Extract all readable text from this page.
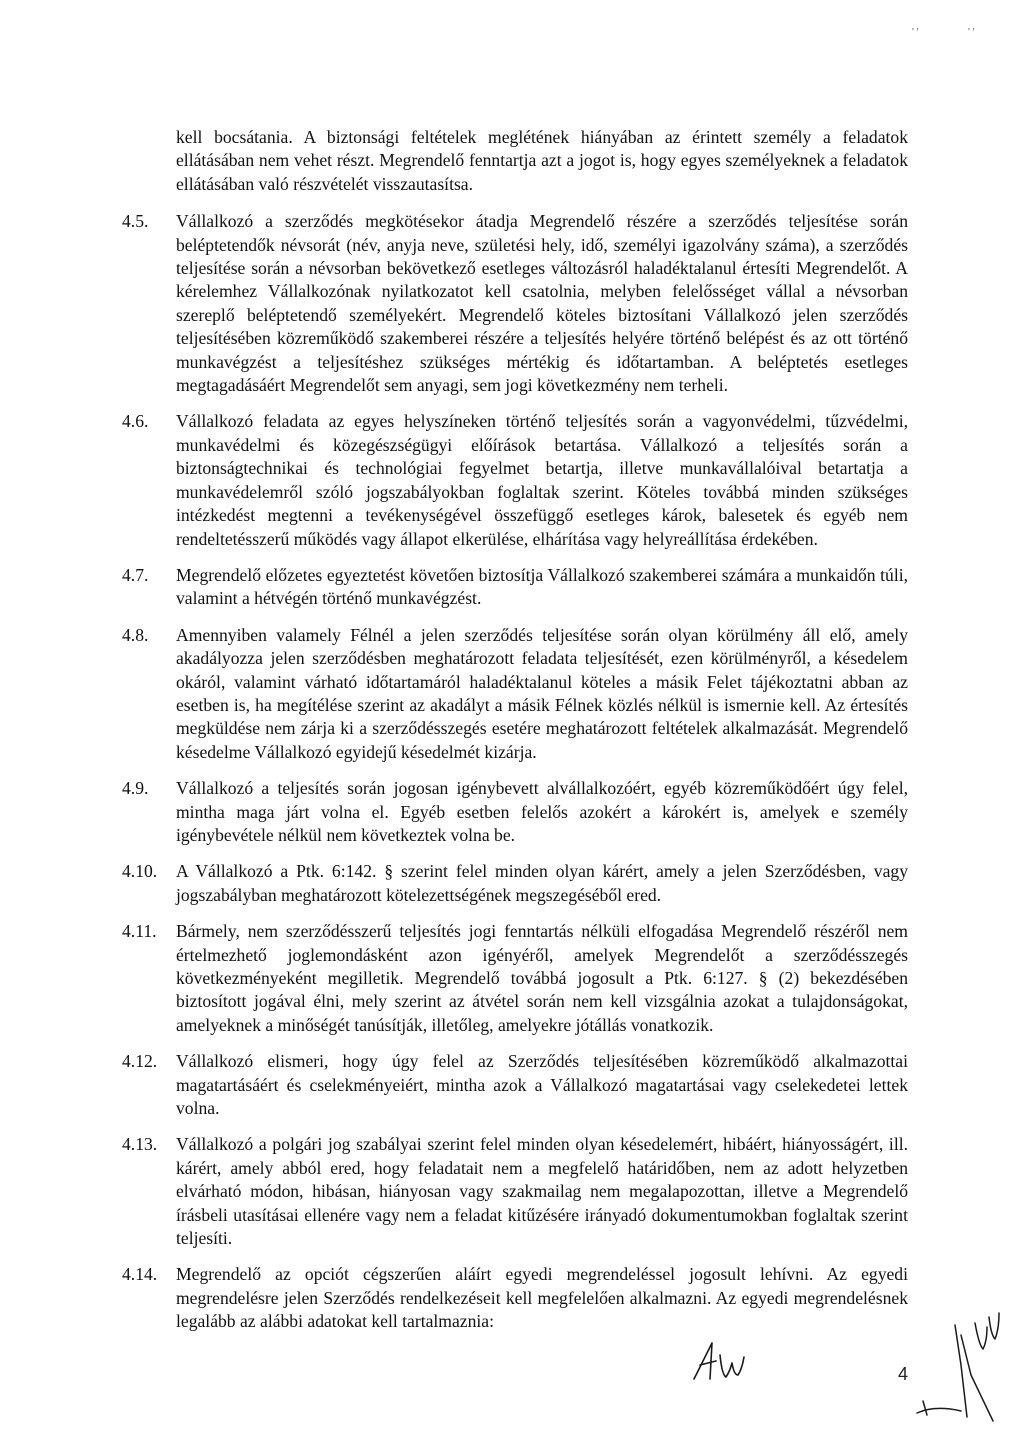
' '	' '

kell bocsátania. A biztonsági feltételek meglétének hiányában az érintett személy a feladatok ellátásában nem vehet részt. Megrendelő fenntartja azt a jogot is, hogy egyes személyeknek a feladatok ellátásában való részvételét visszautasítsa.

4.5.	Vállalkozó a szerződés megkötésekor átadja Megrendelő részére a szerződés teljesítése során beléptetendők névsorát (név, anyja neve, születési hely, idő, személyi igazolvány száma), a szerződés teljesítése során a névsorban bekövetkező esetleges változásról haladéktalanul értesíti Megrendelőt. A kérelemhez Vállalkozónak nyilatkozatot kell csatolnia, melyben felelősséget vállal a névsorban szereplő beléptetendő személyekért. Megrendelő köteles biztosítani Vállalkozó jelen szerződés teljesítésében közreműködő szakemberei részére a teljesítés helyére történő belépést és az ott történő munkavégzést a teljesítéshez szükséges mértékig és időtartamban. A beléptetés esetleges megtagadásáért Megrendelőt sem anyagi, sem jogi következmény nem terheli.
4.6.	Vállalkozó feladata az egyes helyszíneken történő teljesítés során a vagyonvédelmi, tűzvédelmi, munkavédelmi és közegészségügyi előírások betartása. Vállalkozó a teljesítés során a biztonságtechnikai és technológiai fegyelmet betartja, illetve munkavállalóival betartatja a munkavédelemről szóló jogszabályokban foglaltak szerint. Köteles továbbá minden szükséges intézkedést megtenni a tevékenységével összefüggő esetleges károk, balesetek és egyéb nem rendeltetésszerű működés vagy állapot elkerülése, elhárítása vagy helyreállítása érdekében.
4.7.	Megrendelő előzetes egyeztetést követően biztosítja Vállalkozó szakemberei számára a munkaidőn túli, valamint a hétvégén történő munkavégzést.
4.8.	Amennyiben valamely Félnél a jelen szerződés teljesítése során olyan körülmény áll elő, amely akadályozza jelen szerződésben meghatározott feladata teljesítését, ezen körülményről, a késedelem okáról, valamint várható időtartamáról haladéktalanul köteles a másik Felet tájékoztatni abban az esetben is, ha megítélése szerint az akadályt a másik Félnek közlés nélkül is ismernie kell. Az értesítés megküldése nem zárja ki a szerződésszegés esetére meghatározott feltételek alkalmazását. Megrendelő késedelme Vállalkozó egyidejű késedelmét kizárja.
4.9.	Vállalkozó a teljesítés során jogosan igénybevett alvállalkozóért, egyéb közreműködőért úgy felel, mintha maga járt volna el. Egyéb esetben felelős azokért a károkért is, amelyek e személy igénybevétele nélkül nem következtek volna be.
4.10.	A Vállalkozó a Ptk. 6:142. § szerint felel minden olyan kárért, amely a jelen Szerződésben, vagy jogszabályban meghatározott kötelezettségének megszegéséből ered.
4.11.	Bármely, nem szerződésszerű teljesítés jogi fenntartás nélküli elfogadása Megrendelő részéről nem értelmezhető joglemondásként azon igényéről, amelyek Megrendelőt a szerződésszegés következményeként megilletik. Megrendelő továbbá jogosult a Ptk. 6:127. § (2) bekezdésében biztosított jogával élni, mely szerint az átvétel során nem kell vizsgálnia azokat a tulajdonságokat, amelyeknek a minőségét tanúsítják, illetőleg, amelyekre jótállás vonatkozik.
4.12.	Vállalkozó elismeri, hogy úgy felel az Szerződés teljesítésében közreműködő alkalmazottai magatartásáért és cselekményeiért, mintha azok a Vállalkozó magatartásai vagy cselekedetei lettek volna.
4.13.	Vállalkozó a polgári jog szabályai szerint felel minden olyan késedelemért, hibáért, hiányosságért, ill. kárért, amely abból ered, hogy feladatait nem a megfelelő határidőben, nem az adott helyzetben elvárható módon, hibásan, hiányosan vagy szakmailag nem megalapozottan, illetve a Megrendelő írásbeli utasításai ellenére vagy nem a feladat kitűzésére irányadó dokumentumokban foglaltak szerint teljesíti.
4.14.	Megrendelő az opciót cégszerűen aláírt egyedi megrendeléssel jogosult lehívni. Az egyedi megrendelésre jelen Szerződés rendelkezéseit kell megfelelően alkalmazni. Az egyedi megrendelésnek legalább az alábbi adatokat kell tartalmaznia:
4
